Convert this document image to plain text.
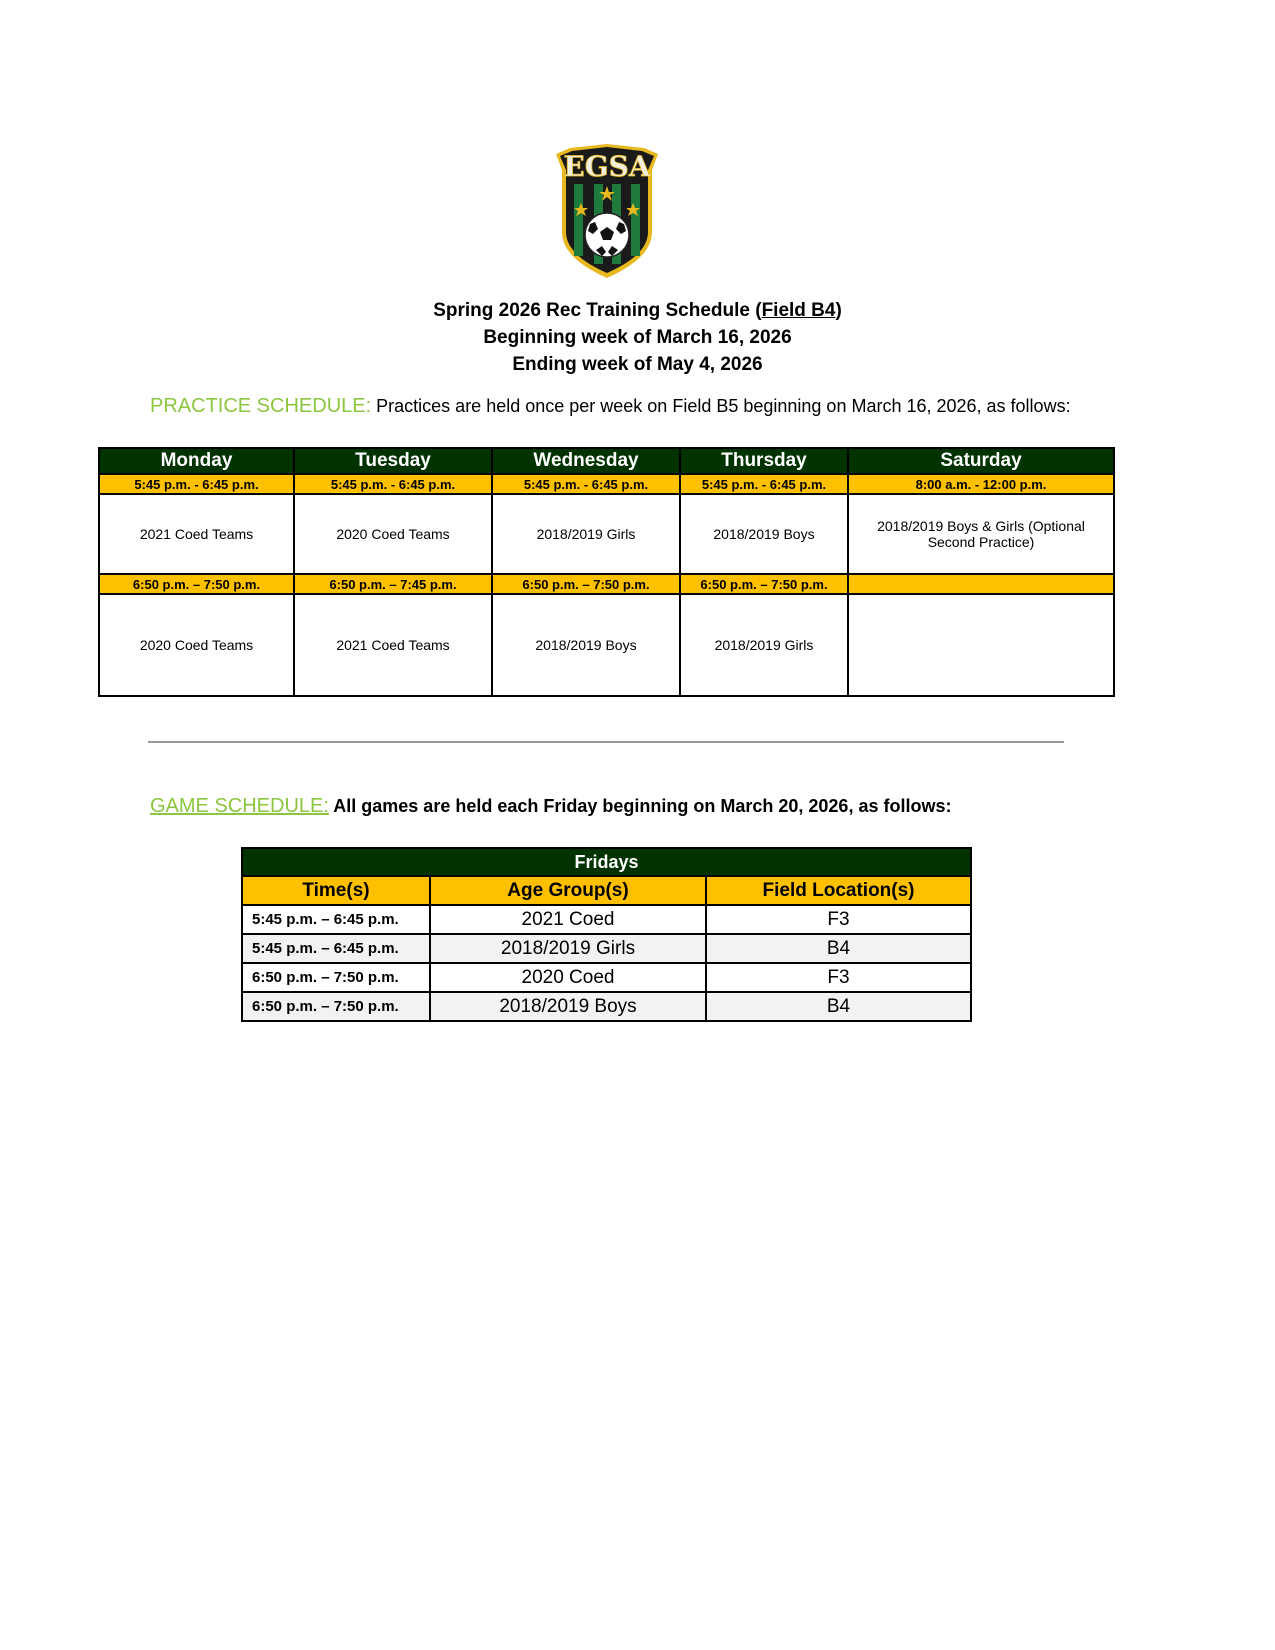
EGSA
Spring 2026 Rec Training Schedule (Field B4)
Beginning week of March 16, 2026
Ending week of May 4, 2026
PRACTICE SCHEDULE: Practices are held once per week on Field B5 beginning on March 16, 2026, as follows:
Monday	Tuesday	Wednesday	Thursday	Saturday
5:45 p.m. - 6:45 p.m.	5:45 p.m. - 6:45 p.m.	5:45 p.m. - 6:45 p.m.	5:45 p.m. - 6:45 p.m.	8:00 a.m. - 12:00 p.m.
2021 Coed Teams	2020 Coed Teams	2018/2019 Girls	2018/2019 Boys	2018/2019 Boys & Girls (Optional Second Practice)
6:50 p.m. – 7:50 p.m.	6:50 p.m. – 7:45 p.m.	6:50 p.m. – 7:50 p.m.	6:50 p.m. – 7:50 p.m.	
2020 Coed Teams	2021 Coed Teams	2018/2019 Boys	2018/2019 Girls	
GAME SCHEDULE: All games are held each Friday beginning on March 20, 2026, as follows:
Fridays		
Time(s)	Age Group(s)	Field Location(s)
5:45 p.m. – 6:45 p.m.	2021 Coed	F3
5:45 p.m. – 6:45 p.m.	2018/2019 Girls	B4
6:50 p.m. – 7:50 p.m.	2020 Coed	F3
6:50 p.m. – 7:50 p.m.	2018/2019 Boys	B4
